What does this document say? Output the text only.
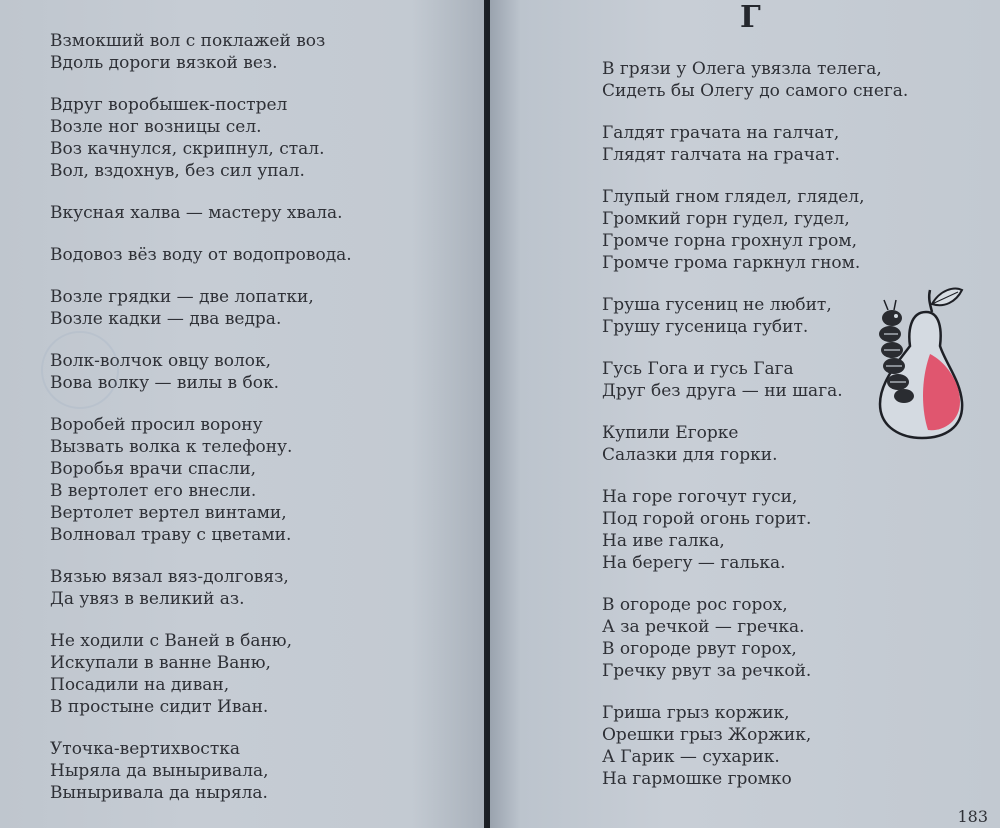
Взмокший вол с поклажей воз
Вдоль дороги вязкой вез.
Вдруг воробышек-пострел
Возле ног возницы сел.
Воз качнулся, скрипнул, стал.
Вол, вздохнув, без сил упал.
Вкусная халва — мастеру хвала.
Водовоз вёз воду от водопровода.
Возле грядки — две лопатки,
Возле кадки — два ведра.
Волк-волчок овцу волок,
Вова волку — вилы в бок.
Воробей просил ворону
Вызвать волка к телефону.
Воробья врачи спасли,
В вертолет его внесли.
Вертолет вертел винтами,
Волновал траву с цветами.
Вязью вязал вяз-долговяз,
Да увяз в великий аз.
Не ходили с Ваней в баню,
Искупали в ванне Ваню,
Посадили на диван,
В простыне сидит Иван.
Уточка-вертихвостка
Ныряла да выныривала,
Выныривала да ныряла.
Г
В грязи у Олега увязла телега,
Сидеть бы Олегу до самого снега.
Галдят грачата на галчат,
Глядят галчата на грачат.
Глупый гном глядел, глядел,
Громкий горн гудел, гудел,
Громче горна грохнул гром,
Громче грома гаркнул гном.
Груша гусениц не любит,
Грушу гусеница губит.
Гусь Гога и гусь Гага
Друг без друга — ни шага.
Купили Егорке
Салазки для горки.
На горе гогочут гуси,
Под горой огонь горит.
На иве галка,
На берегу — галька.
В огороде рос горох,
А за речкой — гречка.
В огороде рвут горох,
Гречку рвут за речкой.
Гриша грыз коржик,
Орешки грыз Жоржик,
А Гарик — сухарик.
На гармошке громко
183
